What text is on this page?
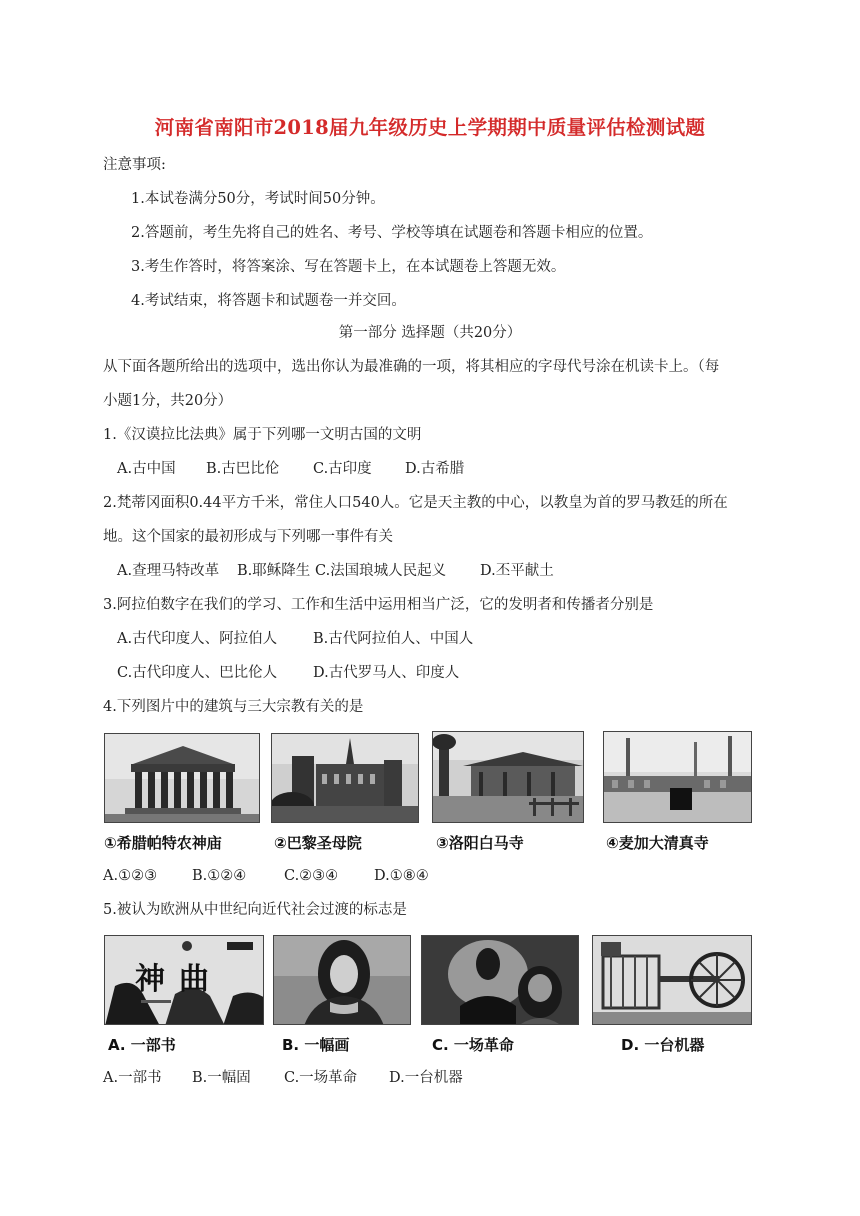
河南省南阳市2018届九年级历史上学期期中质量评估检测试题
注意事项:
1.本试卷满分50分，考试时间50分钟。
2.答题前，考生先将自己的姓名、考号、学校等填在试题卷和答题卡相应的位置。
3.考生作答时，将答案涂、写在答题卡上，在本试题卷上答题无效。
4.考试结束，将答题卡和试题卷一并交回。
第一部分 选择题（共20分）
从下面各题所给出的选项中，选出你认为最准确的一项，将其相应的字母代号涂在机读卡上。（每
小题1分，共20分）
1.《汉谟拉比法典》属于下列哪一文明古国的文明
A.古中国 B.古巴比伦 C.古印度 D.古希腊
2.梵蒂冈面积0.44平方千米，常住人口540人。它是天主教的中心，以教皇为首的罗马教廷的所在
地。这个国家的最初形成与下列哪一事件有关
A.查理马特改革 B.耶稣降生 C.法国琅城人民起义 D.丕平献土
3.阿拉伯数字在我们的学习、工作和生活中运用相当广泛，它的发明者和传播者分别是
A.古代印度人、阿拉伯人 B.古代阿拉伯人、中国人
C.古代印度人、巴比伦人 D.古代罗马人、印度人
4.下列图片中的建筑与三大宗教有关的是
①希腊帕特农神庙	②巴黎圣母院	③洛阳白马寺	④麦加大清真寺
A.①②③ B.①②④	C.②③④ D.①⑧④
5.被认为欧洲从中世纪向近代社会过渡的标志是
神曲
A. 一部书	B. 一幅画	C. 一场革命	D. 一台机器
A.一部书 B.一幅固 C.一场革命 D.一台机器
